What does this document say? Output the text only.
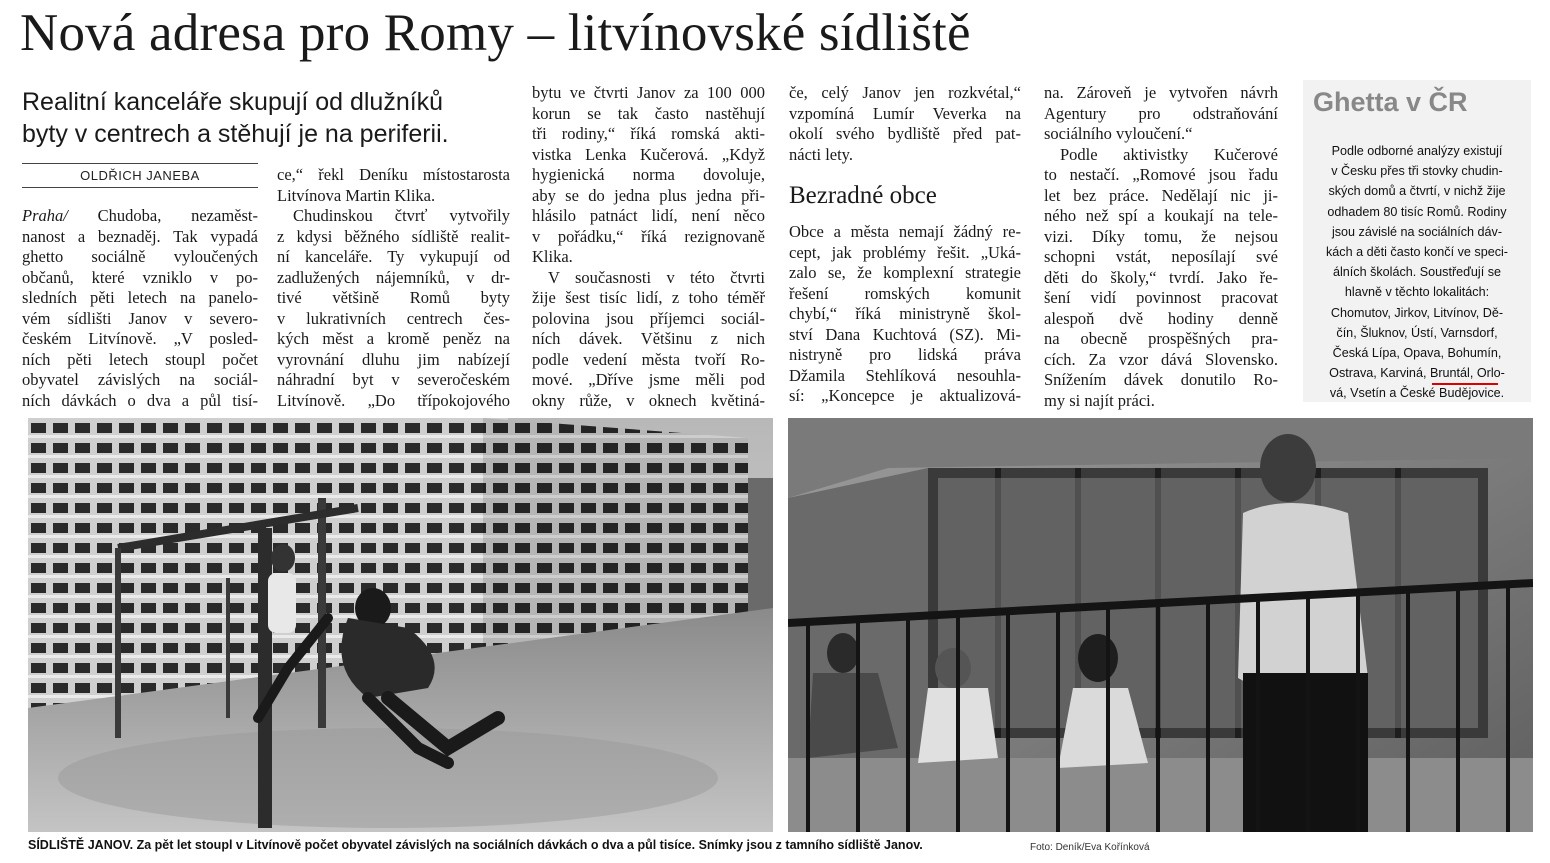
Nová adresa pro Romy – litvínovské sídliště
Realitní kanceláře skupují od dlužníků
byty v centrech a stěhují je na periferii.
OLDŘICH JANEBA
Praha/ Chudoba, nezaměst-
nanost a beznaděj. Tak vypadá
ghetto sociálně vyloučených
občanů, které vzniklo v po-
sledních pěti letech na panelo-
vém sídlišti Janov v severo-
českém Litvínově. „V posled-
ních pěti letech stoupl počet
obyvatel závislých na sociál-
ních dávkách o dva a půl tisí-
ce,“ řekl Deníku místostarosta
Litvínova Martin Klika.
Chudinskou čtvrť vytvořily
z kdysi běžného sídliště realit-
ní kanceláře. Ty vykupují od
zadlužených nájemníků, v dr-
tivé většině Romů byty
v lukrativních centrech čes-
kých měst a kromě peněz na
vyrovnání dluhu jim nabízejí
náhradní byt v severočeském
Litvínově. „Do třípokojového
bytu ve čtvrti Janov za 100 000
korun se tak často nastěhují
tři rodiny,“ říká romská akti-
vistka Lenka Kučerová. „Když
hygienická norma dovoluje,
aby se do jedna plus jedna při-
hlásilo patnáct lidí, není něco
v pořádku,“ říká rezignovaně
Klika.
V současnosti v této čtvrti
žije šest tisíc lidí, z toho téměř
polovina jsou příjemci sociál-
ních dávek. Většinu z nich
podle vedení města tvoří Ro-
mové. „Dříve jsme měli pod
okny růže, v oknech květiná-
če, celý Janov jen rozkvétal,“
vzpomíná Lumír Veverka na
okolí svého bydliště před pat-
nácti lety.
Bezradné obce
Obce a města nemají žádný re-
cept, jak problémy řešit. „Uká-
zalo se, že komplexní strategie
řešení romských komunit
chybí,“ říká ministryně škol-
ství Dana Kuchtová (SZ). Mi-
nistryně pro lidská práva
Džamila Stehlíková nesouhla-
sí: „Koncepce je aktualizová-
na. Zároveň je vytvořen návrh
Agentury pro odstraňování
sociálního vyloučení.“
Podle aktivistky Kučerové
to nestačí. „Romové jsou řadu
let bez práce. Nedělají nic ji-
ného než spí a koukají na tele-
vizi. Díky tomu, že nejsou
schopni vstát, neposílají své
děti do školy,“ tvrdí. Jako ře-
šení vidí povinnost pracovat
alespoň dvě hodiny denně
na obecně prospěšných pra-
cích. Za vzor dává Slovensko.
Snížením dávek donutilo Ro-
my si najít práci.
Ghetta v ČR
Podle odborné analýzy existují
v Česku přes tři stovky chudin-
ských domů a čtvrtí, v nichž žije
odhadem 80 tisíc Romů. Rodiny
jsou závislé na sociálních dáv-
kách a děti často končí ve speci-
álních školách. Soustřeďují se
hlavně v těchto lokalitách:
Chomutov, Jirkov, Litvínov, Dě-
čín, Šluknov, Ústí, Varnsdorf,
Česká Lípa, Opava, Bohumín,
Ostrava, Karviná, Bruntál, Orlo-
vá, Vsetín a České Budějovice.
SÍDLIŠTĚ JANOV. Za pět let stoupl v Litvínově počet obyvatel závislých na sociálních dávkách o dva a půl tisíce. Snímky jsou z tamního sídliště Janov.	Foto: Deník/Eva Kořínková
